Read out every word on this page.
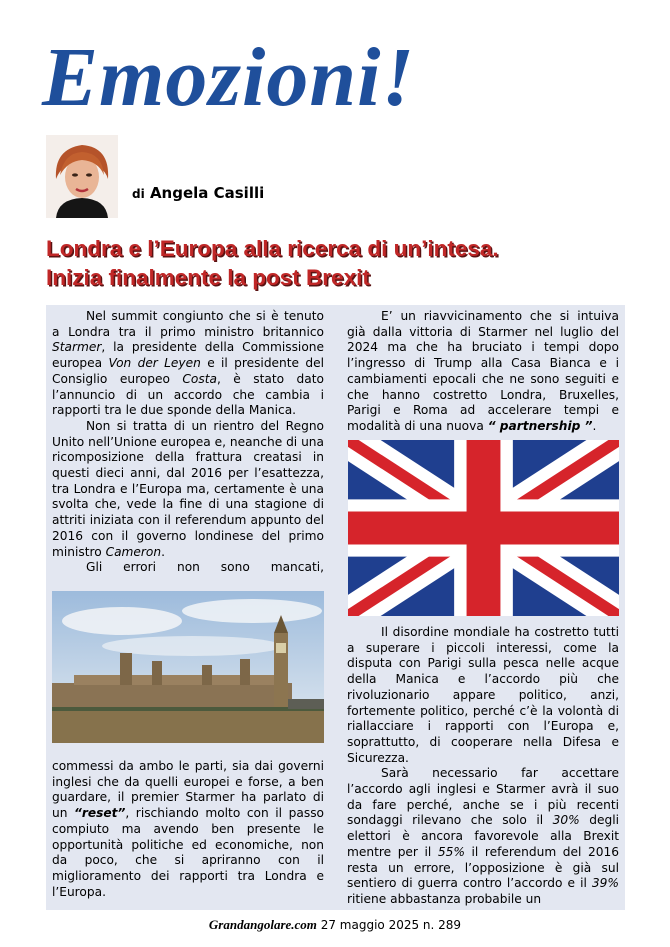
Emozioni!
di Angela Casilli
Londra e l’Europa alla ricerca di un’intesa.
Inizia finalmente la post Brexit

Nel summit congiunto che si è tenuto a Londra tra il primo ministro britannico Starmer, la presidente della Commissione europea Von der Leyen e il presidente del Consiglio europeo Costa, è stato dato l’annuncio di un accordo che cambia i rapporti tra le due sponde della Manica.

Non si tratta di un rientro del Regno Unito nell’Unione europea e, neanche di una ricomposizione della frattura creatasi in questi dieci anni, dal 2016 per l’esattezza, tra Londra e l’Europa ma, certamente è una svolta che, vede la fine di una stagione di attriti iniziata con il referendum appunto del 2016 con il governo londinese del primo ministro Cameron.

Gli errori non sono mancati,

commessi da ambo le parti, sia dai governi inglesi che da quelli europei e forse, a ben guardare, il premier Starmer ha parlato di un “reset”, rischiando molto con il passo compiuto ma avendo ben presente le opportunità politiche ed economiche, non da poco, che si apriranno con il miglioramento dei rapporti tra Londra e l’Europa.

E’ un riavvicinamento che si intuiva già dalla vittoria di Starmer nel luglio del 2024 ma che ha bruciato i tempi dopo l’ingresso di Trump alla Casa Bianca e i cambiamenti epocali che ne sono seguiti e che hanno costretto Londra, Bruxelles, Parigi e Roma ad accelerare tempi e modalità di una nuova “ partnership ”.

Il disordine mondiale ha costretto tutti a superare i piccoli interessi, come la disputa con Parigi sulla pesca nelle acque della Manica e l’accordo più che rivoluzionario appare politico, anzi, fortemente politico, perché c’è la volontà di riallacciare i rapporti con l’Europa e, soprattutto, di cooperare nella Difesa e Sicurezza.

Sarà necessario far accettare l’accordo agli inglesi e Starmer avrà il suo da fare perché, anche se i più recenti sondaggi rilevano che solo il 30% degli elettori è ancora favorevole alla Brexit mentre per il 55% il referendum del 2016 resta un errore, l’opposizione è già sul sentiero di guerra contro l’accordo e il 39% ritiene abbastanza probabile un

Grandangolare.com 27 maggio 2025 n. 289
